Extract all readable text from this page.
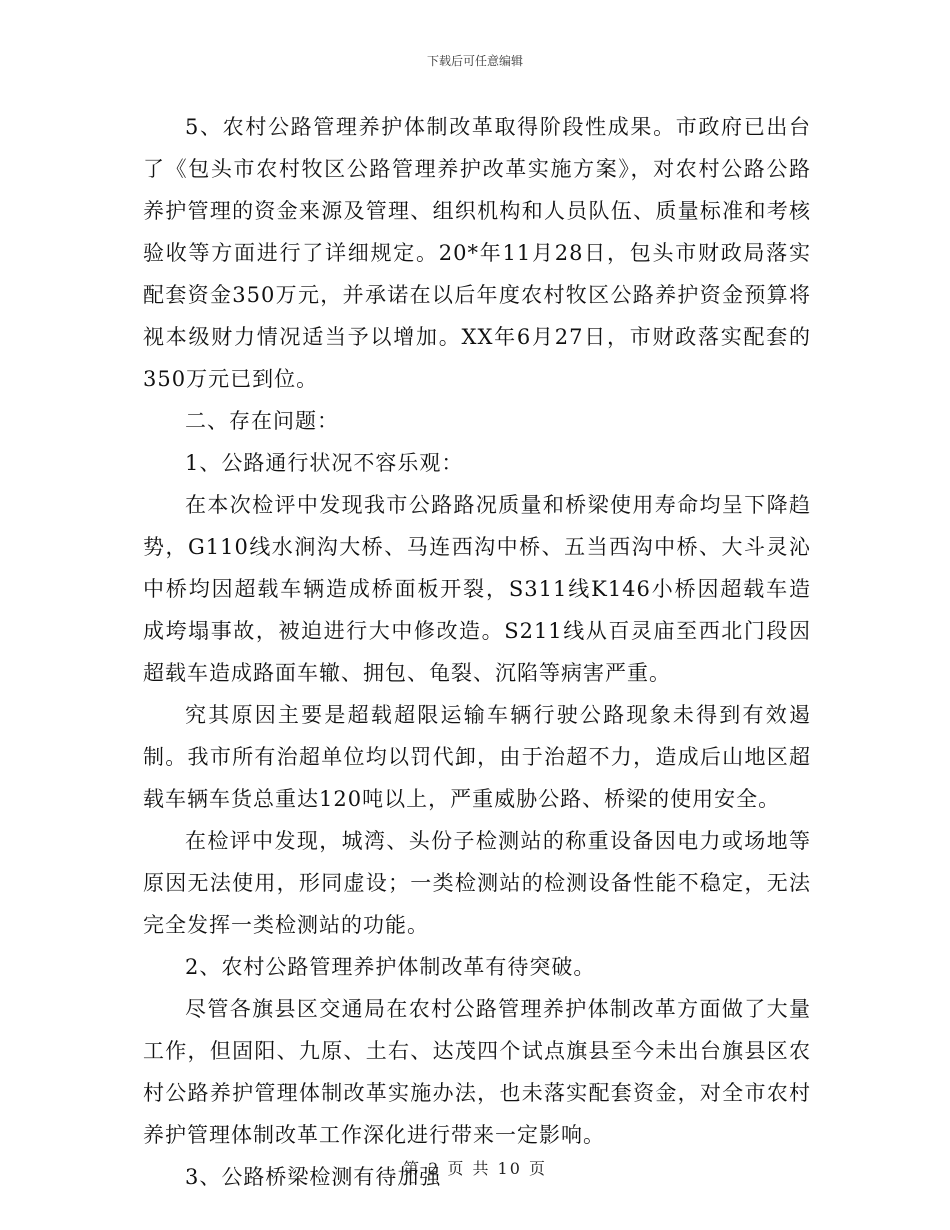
下载后可任意编辑

5、农村公路管理养护体制改革取得阶段性成果。市政府已出台了《包头市农村牧区公路管理养护改革实施方案》，对农村公路公路养护管理的资金来源及管理、组织机构和人员队伍、质量标准和考核验收等方面进行了详细规定。20*年11月28日，包头市财政局落实配套资金350万元，并承诺在以后年度农村牧区公路养护资金预算将视本级财力情况适当予以增加。XX年6月27日，市财政落实配套的350万元已到位。

二、存在问题：

1、公路通行状况不容乐观：

在本次检评中发现我市公路路况质量和桥梁使用寿命均呈下降趋势，G110线水涧沟大桥、马连西沟中桥、五当西沟中桥、大斗灵沁中桥均因超载车辆造成桥面板开裂，S311线K146小桥因超载车造成垮塌事故，被迫进行大中修改造。S211线从百灵庙至西北门段因超载车造成路面车辙、拥包、龟裂、沉陷等病害严重。

究其原因主要是超载超限运输车辆行驶公路现象未得到有效遏制。我市所有治超单位均以罚代卸，由于治超不力，造成后山地区超载车辆车货总重达120吨以上，严重威胁公路、桥梁的使用安全。

在检评中发现，城湾、头份子检测站的称重设备因电力或场地等原因无法使用，形同虚设；一类检测站的检测设备性能不稳定，无法完全发挥一类检测站的功能。

2、农村公路管理养护体制改革有待突破。

尽管各旗县区交通局在农村公路管理养护体制改革方面做了大量工作，但固阳、九原、土右、达茂四个试点旗县至今未出台旗县区农村公路养护管理体制改革实施办法，也未落实配套资金，对全市农村养护管理体制改革工作深化进行带来一定影响。

3、公路桥梁检测有待加强

第 2 页 共 10 页
